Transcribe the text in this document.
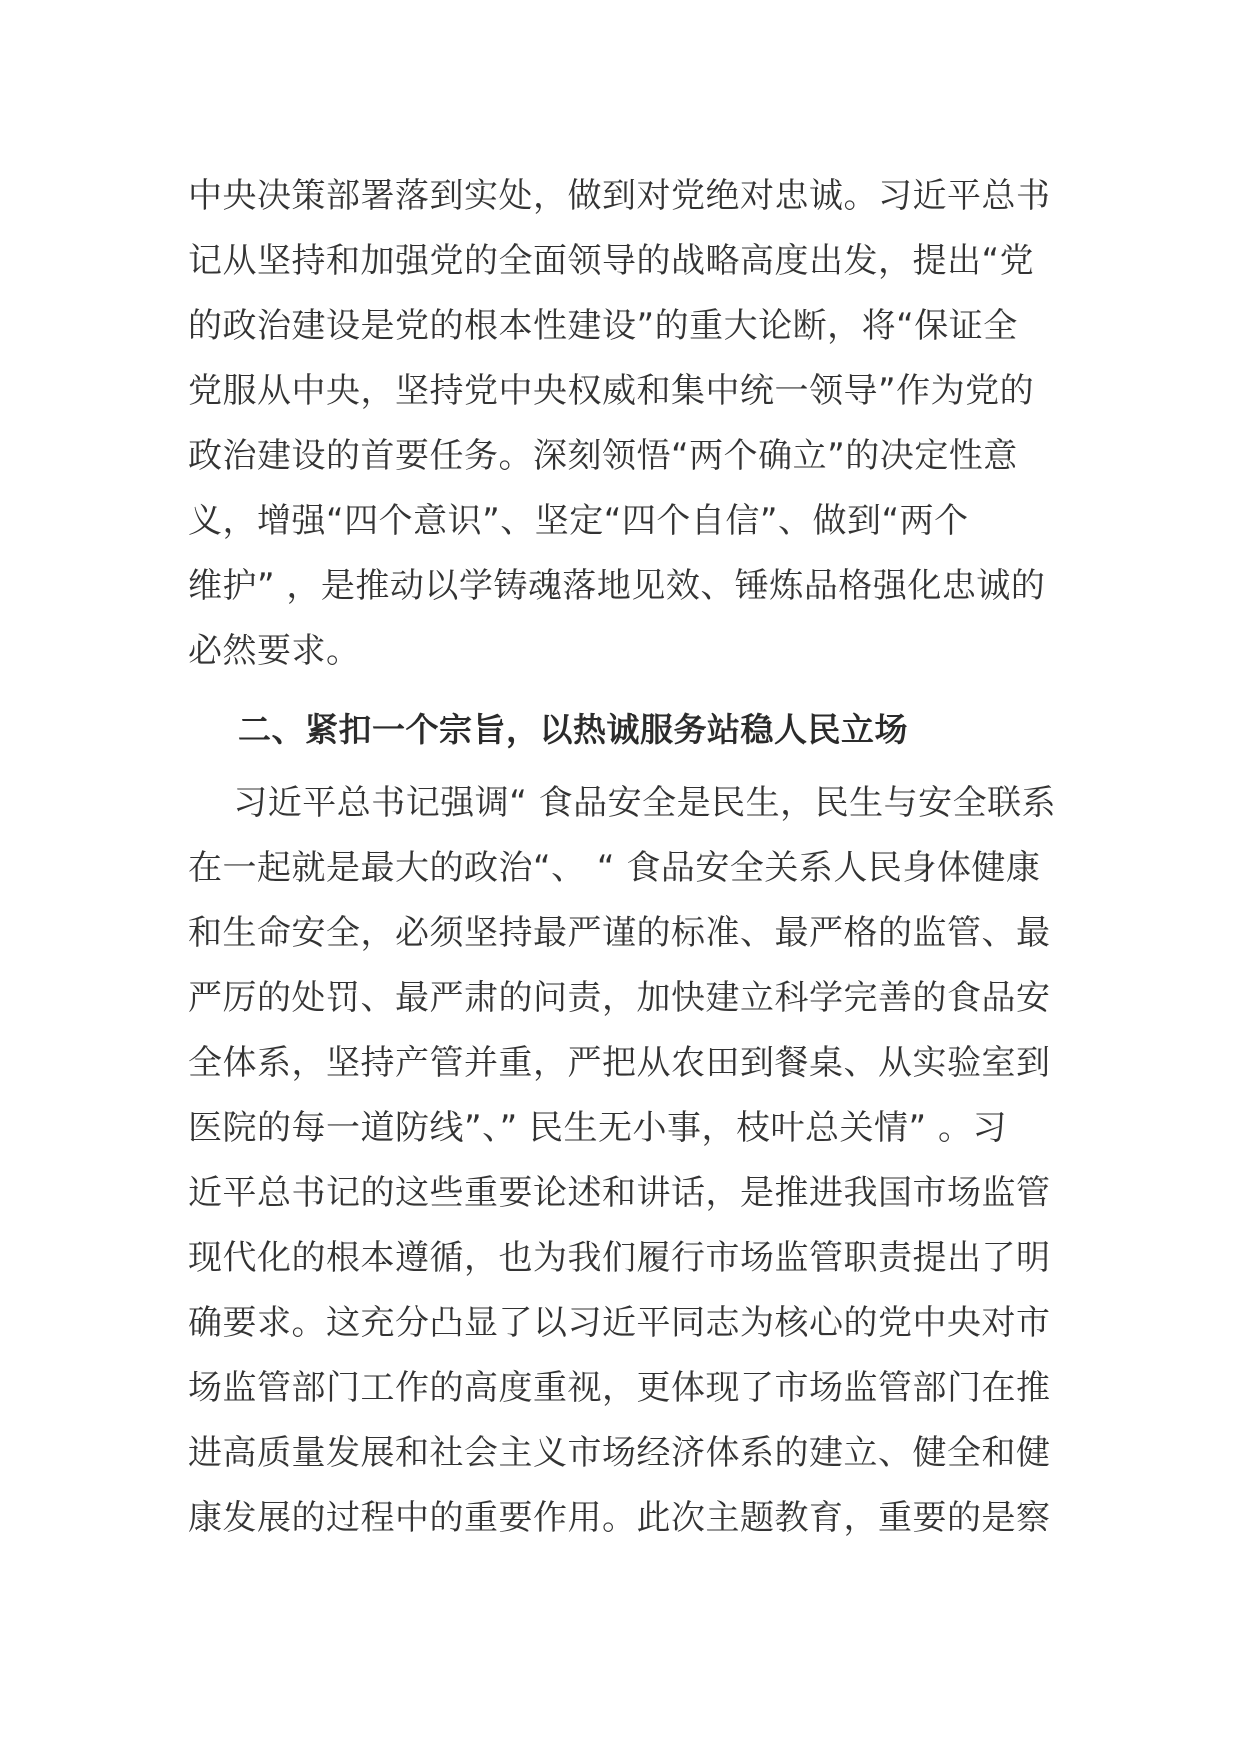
中央决策部署落到实处，做到对党绝对忠诚。习近平总书
记从坚持和加强党的全面领导的战略高度出发，提出“党
的政治建设是党的根本性建设”的重大论断，将“保证全
党服从中央，坚持党中央权威和集中统一领导”作为党的
政治建设的首要任务。深刻领悟“两个确立”的决定性意
义，增强“四个意识”、坚定“四个自信”、做到“两个
维护” ，是推动以学铸魂落地见效、锤炼品格强化忠诚的
必然要求。
二、紧扣一个宗旨，以热诚服务站稳人民立场
习近平总书记强调“ 食品安全是民生，民生与安全联系
在一起就是最大的政治“、 “ 食品安全关系人民身体健康
和生命安全，必须坚持最严谨的标准、最严格的监管、最
严厉的处罚、最严肃的问责，加快建立科学完善的食品安
全体系，坚持产管并重，严把从农田到餐桌、从实验室到
医院的每一道防线”、” 民生无小事，枝叶总关情” 。习
近平总书记的这些重要论述和讲话，是推进我国市场监管
现代化的根本遵循，也为我们履行市场监管职责提出了明
确要求。这充分凸显了以习近平同志为核心的党中央对市
场监管部门工作的高度重视，更体现了市场监管部门在推
进高质量发展和社会主义市场经济体系的建立、健全和健
康发展的过程中的重要作用。此次主题教育，重要的是察
